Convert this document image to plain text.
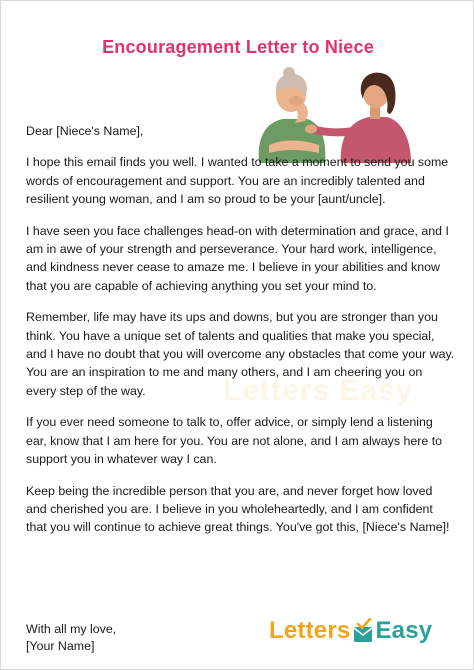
Encouragement Letter to Niece
Letters Easy

Dear [Niece's Name],

I hope this email finds you well. I wanted to take a moment to send you some words of encouragement and support. You are an incredibly talented and resilient young woman, and I am so proud to be your [aunt/uncle].

I have seen you face challenges head-on with determination and grace, and I am in awe of your strength and perseverance. Your hard work, intelligence, and kindness never cease to amaze me. I believe in your abilities and know that you are capable of achieving anything you set your mind to.

Remember, life may have its ups and downs, but you are stronger than you think. You have a unique set of talents and qualities that make you special, and I have no doubt that you will overcome any obstacles that come your way. You are an inspiration to me and many others, and I am cheering you on every step of the way.

If you ever need someone to talk to, offer advice, or simply lend a listening ear, know that I am here for you. You are not alone, and I am always here to support you in whatever way I can.

Keep being the incredible person that you are, and never forget how loved and cherished you are. I believe in you wholeheartedly, and I am confident that you will continue to achieve great things. You've got this, [Niece's Name]!

With all my love,
[Your Name]
Letters Easy
